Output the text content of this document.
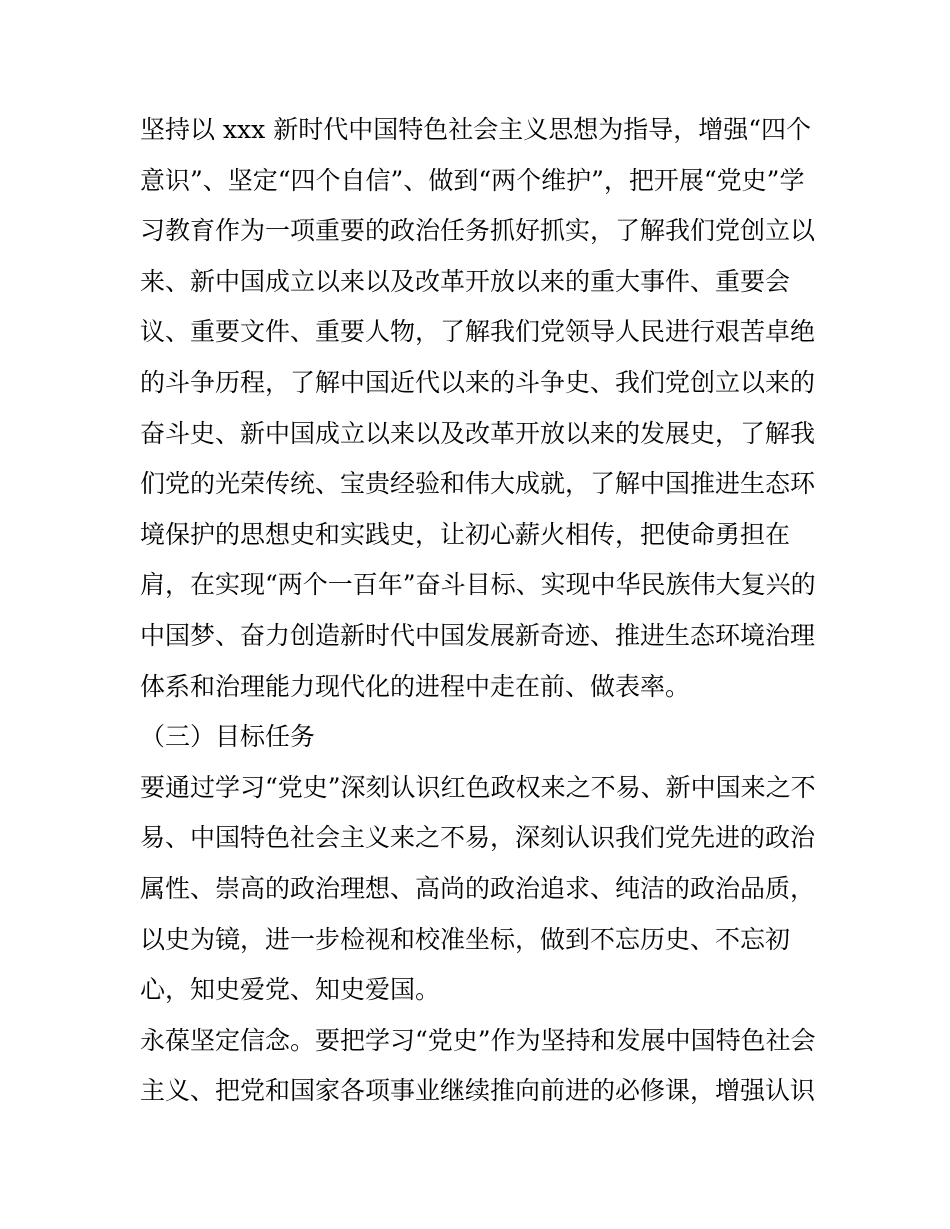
坚持以 xxx 新时代中国特色社会主义思想为指导，增强“四个
意识”、坚定“四个自信”、做到“两个维护”，把开展“党史”学
习教育作为一项重要的政治任务抓好抓实，了解我们党创立以
来、新中国成立以来以及改革开放以来的重大事件、重要会
议、重要文件、重要人物，了解我们党领导人民进行艰苦卓绝
的斗争历程，了解中国近代以来的斗争史、我们党创立以来的
奋斗史、新中国成立以来以及改革开放以来的发展史，了解我
们党的光荣传统、宝贵经验和伟大成就，了解中国推进生态环
境保护的思想史和实践史，让初心薪火相传，把使命勇担在
肩，在实现“两个一百年”奋斗目标、实现中华民族伟大复兴的
中国梦、奋力创造新时代中国发展新奇迹、推进生态环境治理
体系和治理能力现代化的进程中走在前、做表率。
（三）目标任务
要通过学习“党史”深刻认识红色政权来之不易、新中国来之不
易、中国特色社会主义来之不易，深刻认识我们党先进的政治
属性、崇高的政治理想、高尚的政治追求、纯洁的政治品质，
以史为镜，进一步检视和校准坐标，做到不忘历史、不忘初
心，知史爱党、知史爱国。
永葆坚定信念。要把学习“党史”作为坚持和发展中国特色社会
主义、把党和国家各项事业继续推向前进的必修课，增强认识
